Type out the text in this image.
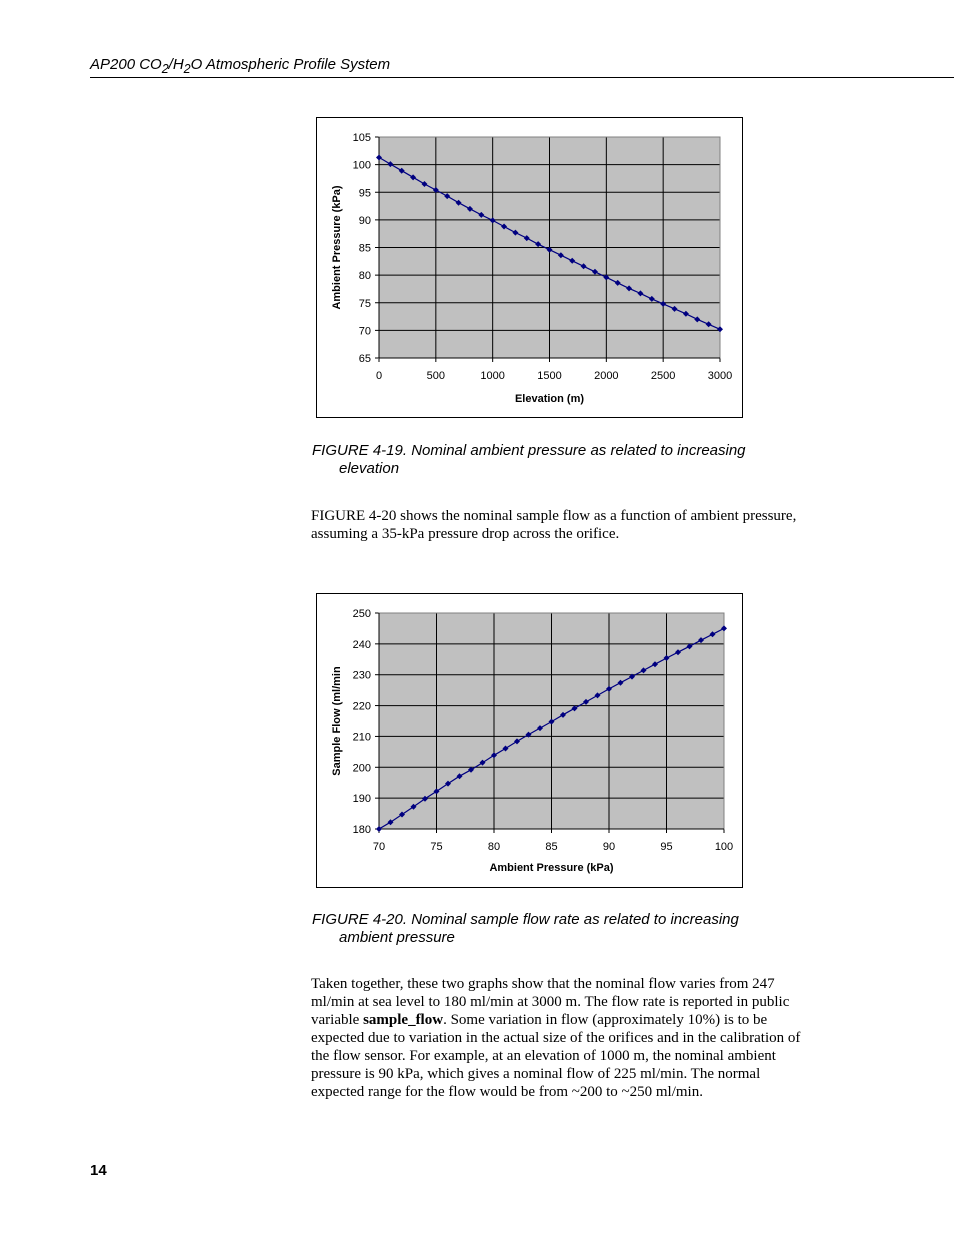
AP200 $CO_2/H_2O$ Atmospheric Profile System
65
70
75
80
85
90
95
100
105
0	500	1000	1500	2000	2500	3000
Elevation (m)
Ambient Pressure (kPa)
FIGURE 4-19. Nominal ambient pressure as related to increasing
elevation

FIGURE 4-20 shows the nominal sample flow as a function of ambient pressure, assuming a 35-kPa pressure drop across the orifice.

180
190
200
210
220
230
240
250
70	75	80	85	90	95	100
Ambient Pressure (kPa)
Sample Flow (ml/min
FIGURE 4-20. Nominal sample flow rate as related to increasing
ambient pressure

Taken together, these two graphs show that the nominal flow varies from 247 ml/min at sea level to 180 ml/min at 3000 m. The flow rate is reported in public variable sample_flow. Some variation in flow (approximately 10%) is to be expected due to variation in the actual size of the orifices and in the calibration of the flow sensor. For example, at an elevation of 1000 m, the nominal ambient pressure is 90 kPa, which gives a nominal flow of 225 ml/min. The normal expected range for the flow would be from ~200 to ~250 ml/min.

14
